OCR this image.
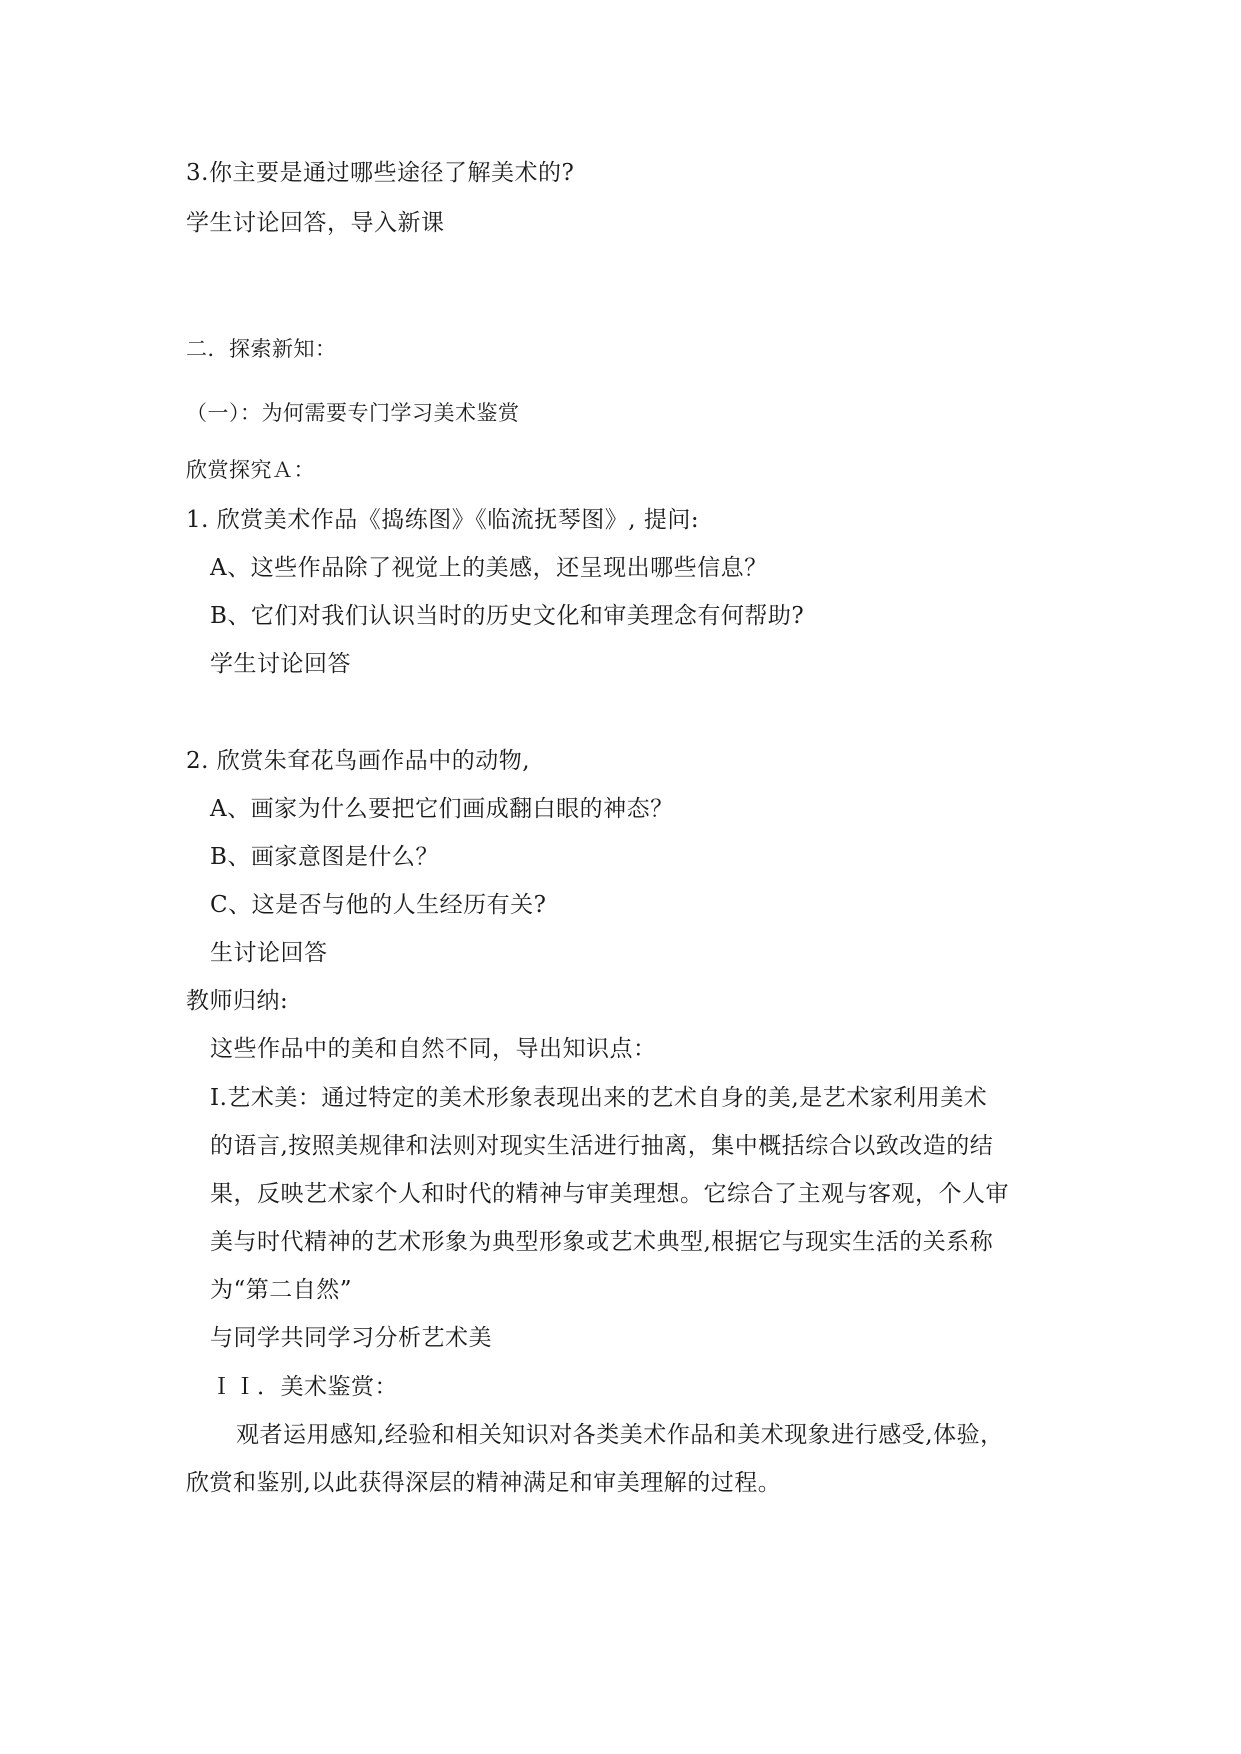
3.你主要是通过哪些途径了解美术的?
学生讨论回答，导入新课
二．探索新知：
（一）：为何需要专门学习美术鉴赏
欣赏探究Ａ：
1. 欣赏美术作品《捣练图》《临流抚琴图》, 提问:
A、这些作品除了视觉上的美感，还呈现出哪些信息？
B、它们对我们认识当时的历史文化和审美理念有何帮助?
学生讨论回答
2. 欣赏朱耷花鸟画作品中的动物,
A、画家为什么要把它们画成翻白眼的神态？
B、画家意图是什么？
C、这是否与他的人生经历有关?
生讨论回答
教师归纳:
这些作品中的美和自然不同，导出知识点：
I.艺术美：通过特定的美术形象表现出来的艺术自身的美,是艺术家利用美术
的语言,按照美规律和法则对现实生活进行抽离，集中概括综合以致改造的结
果，反映艺术家个人和时代的精神与审美理想。它综合了主观与客观，个人审
美与时代精神的艺术形象为典型形象或艺术典型,根据它与现实生活的关系称
为“第二自然”
与同学共同学习分析艺术美
ＩＩ．美术鉴赏：
观者运用感知,经验和相关知识对各类美术作品和美术现象进行感受,体验，
欣赏和鉴别,以此获得深层的精神满足和审美理解的过程。
